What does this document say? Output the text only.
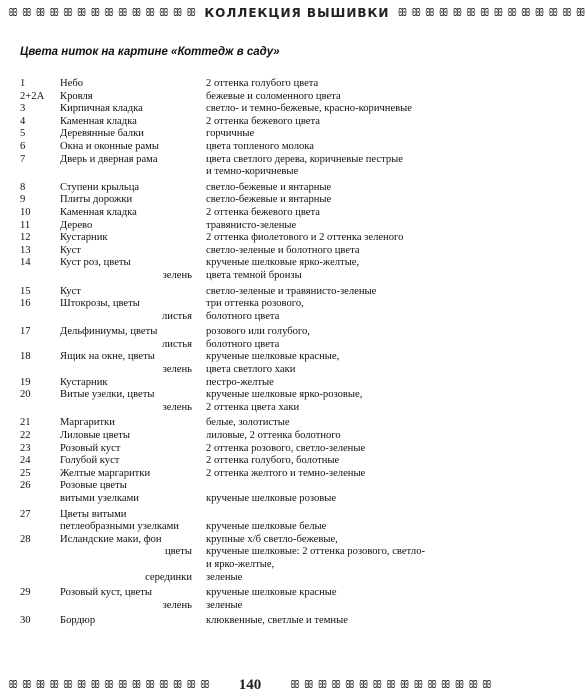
ꕥ ꕥ ꕥ ꕥ ꕥ ꕥ ꕥ ꕥ ꕥ ꕥ ꕥ ꕥ ꕥ ꕥ КОЛЛЕКЦИЯ ВЫШИВКИ ꕥ ꕥ ꕥ ꕥ ꕥ ꕥ ꕥ ꕥ ꕥ ꕥ ꕥ ꕥ ꕥ ꕥ
Цвета ниток на картине «Коттедж в саду»
1	Небо	2 оттенка голубого цвета
2+2А	Кровля	бежевые и соломенного цвета
3	Кирпичная кладка	светло- и темно-бежевые, красно-коричневые
4	Каменная кладка	2 оттенка бежевого цвета
5	Деревянные балки	горчичные
6	Окна и оконные рамы	цвета топленого молока
7	Дверь и дверная рама	цвета светлого дерева, коричневые пестрые
и темно-коричневые
8	Ступени крыльца	светло-бежевые и янтарные
9	Плиты дорожки	светло-бежевые и янтарные
10	Каменная кладка	2 оттенка бежевого цвета
11	Дерево	травянисто-зеленые
12	Кустарник	2 оттенка фиолетового и 2 оттенка зеленого
13	Куст	светло-зеленые и болотного цвета
14	Куст роз, цветы	крученые шелковые ярко-желтые,
зелень	цвета темной бронзы
15	Куст	светло-зеленые и травянисто-зеленые
16	Штокрозы, цветы	три оттенка розового,
листья	болотного цвета
17	Дельфиниумы, цветы	розового или голубого,
листья	болотного цвета
18	Ящик на окне, цветы	крученые шелковые красные,
зелень	цвета светлого хаки
19	Кустарник	пестро-желтые
20	Витые узелки, цветы	крученые шелковые ярко-розовые,
зелень	2 оттенка цвета хаки
21	Маргаритки	белые, золотистые
22	Лиловые цветы	лиловые, 2 оттенка болотного
23	Розовый куст	2 оттенка розового, светло-зеленые
24	Голубой куст	2 оттенка голубого, болотные
25	Желтые маргаритки	2 оттенка желтого и темно-зеленые
26	Розовые цветы
витыми узелками	крученые шелковые розовые
27	Цветы витыми
петлеобразными узелками	крученые шелковые белые
28	Исландские маки, фон	крупные х/б светло-бежевые,
цветы	крученые шелковые: 2 оттенка розового, светло-
и ярко-желтые,
серединки	зеленые
29	Розовый куст, цветы	крученые шелковые красные
зелень	зеленые
30	Бордюр	клюквенные, светлые и темные
ꕥ ꕥ ꕥ ꕥ ꕥ ꕥ ꕥ ꕥ ꕥ ꕥ ꕥ ꕥ ꕥ ꕥ ꕥ	140	ꕥ ꕥ ꕥ ꕥ ꕥ ꕥ ꕥ ꕥ ꕥ ꕥ ꕥ ꕥ ꕥ ꕥ ꕥ
